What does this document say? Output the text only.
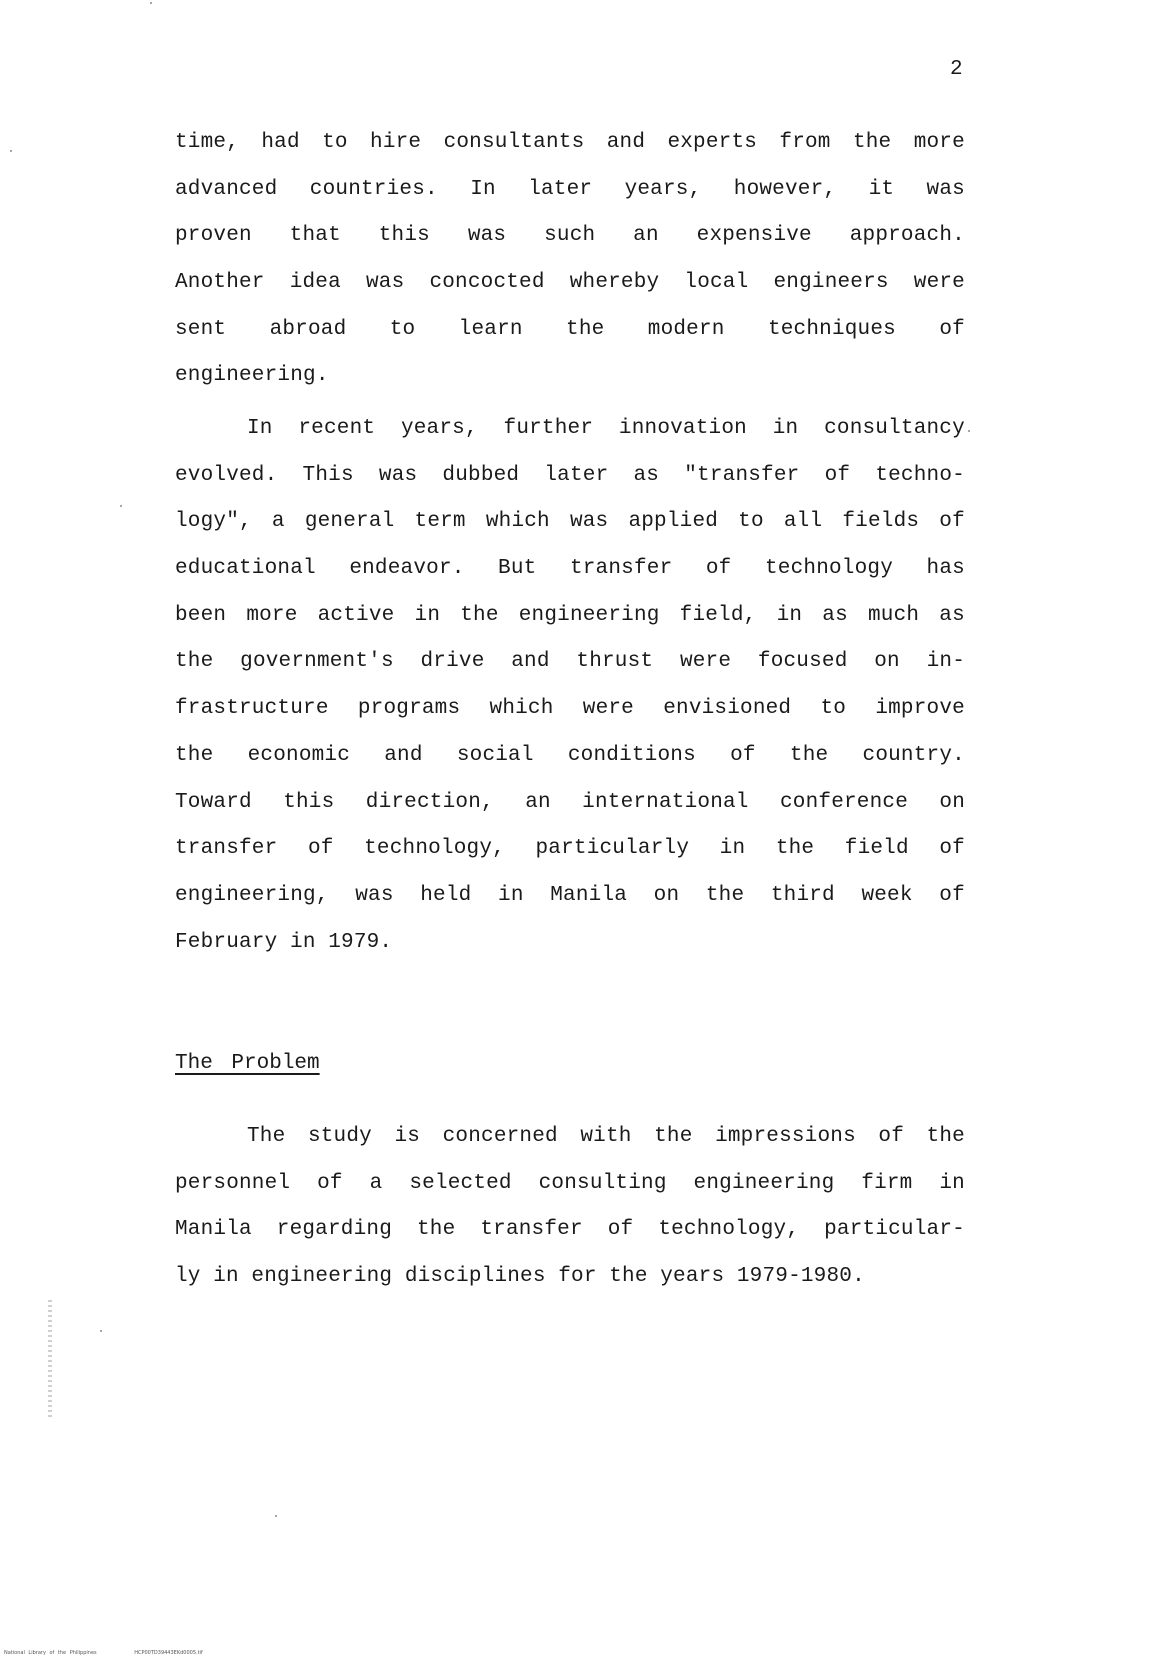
2
time, had to hire consultants and experts from the more
advanced countries. In later years, however, it was
proven that this was such an expensive approach.
Another idea was concocted whereby local engineers were
sent abroad to learn the modern techniques of
engineering.
In recent years, further innovation in consultancy
evolved. This was dubbed later as "transfer of techno-
logy", a general term which was applied to all fields of
educational endeavor. But transfer of technology has
been more active in the engineering field, in as much as
the government's drive and thrust were focused on in-
frastructure programs which were envisioned to improve
the economic and social conditions of the country.
Toward this direction, an international conference on
transfer of technology, particularly in the field of
engineering, was held in Manila on the third week of
February in 1979.
The Problem
The study is concerned with the impressions of the
personnel of a selected consulting engineering firm in
Manila regarding the transfer of technology, particular-
ly in engineering disciplines for the years 1979-1980.
National Library of the Philippines	HCP00TD39443EKd0005.tif
